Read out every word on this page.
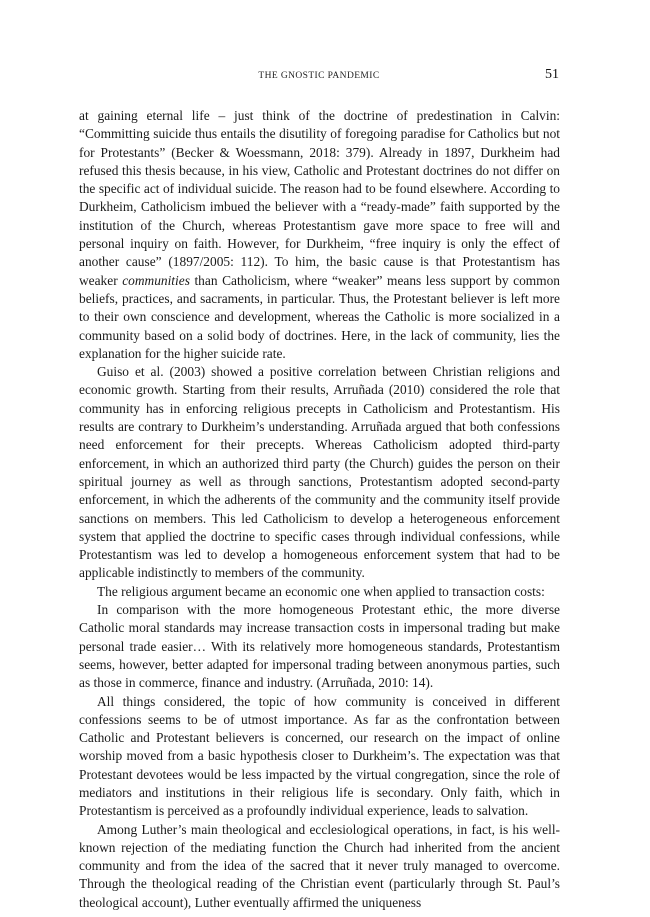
THE GNOSTIC PANDEMIC	51

at gaining eternal life – just think of the doctrine of predestination in Calvin: “Committing suicide thus entails the disutility of foregoing paradise for Catholics but not for Protestants” (Becker & Woessmann, 2018: 379). Already in 1897, Durkheim had refused this thesis because, in his view, Catholic and Protestant doctrines do not differ on the specific act of individual suicide. The reason had to be found elsewhere. According to Durkheim, Catholicism imbued the believer with a “ready-made” faith supported by the institution of the Church, whereas Protestantism gave more space to free will and personal inquiry on faith. However, for Durkheim, “free inquiry is only the effect of another cause” (1897/2005: 112). To him, the basic cause is that Protestantism has weaker communities than Catholicism, where “weaker” means less support by common beliefs, practices, and sacraments, in particular. Thus, the Protestant believer is left more to their own conscience and development, whereas the Catholic is more socialized in a community based on a solid body of doctrines. Here, in the lack of community, lies the explanation for the higher suicide rate.

Guiso et al. (2003) showed a positive correlation between Christian religions and economic growth. Starting from their results, Arruñada (2010) considered the role that community has in enforcing religious precepts in Catholicism and Protestantism. His results are contrary to Durkheim’s understanding. Arruñada argued that both confessions need enforcement for their precepts. Whereas Catholicism adopted third-party enforcement, in which an authorized third party (the Church) guides the person on their spiritual journey as well as through sanctions, Protestantism adopted second-party enforcement, in which the adherents of the community and the community itself provide sanctions on members. This led Catholicism to develop a heterogeneous enforcement system that applied the doctrine to specific cases through individual confessions, while Protestantism was led to develop a homogeneous enforcement system that had to be applicable indistinctly to members of the community.

The religious argument became an economic one when applied to transaction costs:

In comparison with the more homogeneous Protestant ethic, the more diverse Catholic moral standards may increase transaction costs in impersonal trading but make personal trade easier… With its relatively more homogeneous standards, Protestantism seems, however, better adapted for impersonal trading between anonymous parties, such as those in commerce, finance and industry. (Arruñada, 2010: 14).

All things considered, the topic of how community is conceived in different confessions seems to be of utmost importance. As far as the confrontation between Catholic and Protestant believers is concerned, our research on the impact of online worship moved from a basic hypothesis closer to Durkheim’s. The expectation was that Protestant devotees would be less impacted by the virtual congregation, since the role of mediators and institutions in their religious life is secondary. Only faith, which in Protestantism is perceived as a profoundly individual experience, leads to salvation.

Among Luther’s main theological and ecclesiological operations, in fact, is his well-known rejection of the mediating function the Church had inherited from the ancient community and from the idea of the sacred that it never truly managed to overcome. Through the theological reading of the Christian event (particularly through St. Paul’s theological account), Luther eventually affirmed the uniqueness
